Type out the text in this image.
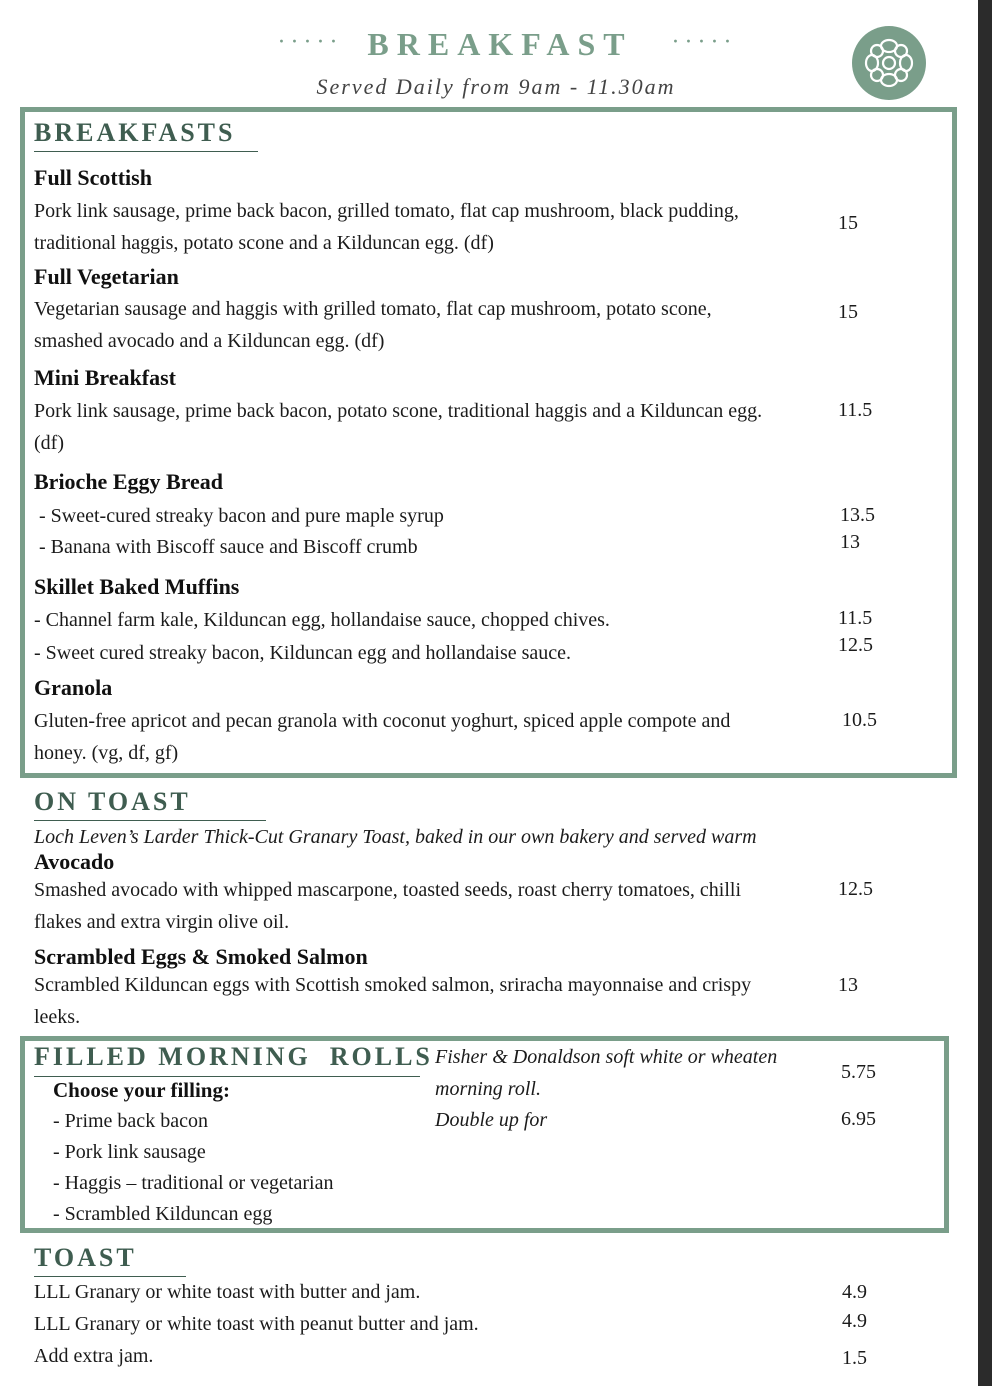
····· BREAKFAST	·····
Served Daily from 9am - 11.30am
BREAKFASTS
Full Scottish
Pork link sausage, prime back bacon, grilled tomato, flat cap mushroom, black pudding,
traditional haggis, potato scone and a Kilduncan egg. (df)
15
Full Vegetarian
Vegetarian sausage and haggis with grilled tomato, flat cap mushroom, potato scone,
smashed avocado and a Kilduncan egg. (df)
15
Mini Breakfast
Pork link sausage, prime back bacon, potato scone, traditional haggis and a Kilduncan egg.
(df)
11.5
Brioche Eggy Bread
- Sweet-cured streaky bacon and pure maple syrup	13.5
- Banana with Biscoff sauce and Biscoff crumb	13
Skillet Baked Muffins
- Channel farm kale, Kilduncan egg, hollandaise sauce, chopped chives.	11.5
- Sweet cured streaky bacon, Kilduncan egg and hollandaise sauce.	12.5
Granola
Gluten-free apricot and pecan granola with coconut yoghurt, spiced apple compote and
honey. (vg, df, gf)
10.5
ON TOAST
Loch Leven’s Larder Thick-Cut Granary Toast, baked in our own bakery and served warm
Avocado
Smashed avocado with whipped mascarpone, toasted seeds, roast cherry tomatoes, chilli
flakes and extra virgin olive oil.
12.5
Scrambled Eggs & Smoked Salmon
Scrambled Kilduncan eggs with Scottish smoked salmon, sriracha mayonnaise and crispy
leeks.
13
FILLED MORNING  ROLLS
Choose your filling:
- Prime back bacon
- Pork link sausage
- Haggis – traditional or vegetarian
- Scrambled Kilduncan egg
Fisher & Donaldson soft white or wheaten
morning roll.
5.75
Double up for	6.95
TOAST
LLL Granary or white toast with butter and jam.	4.9
LLL Granary or white toast with peanut butter and jam.	4.9
Add extra jam.	1.5
